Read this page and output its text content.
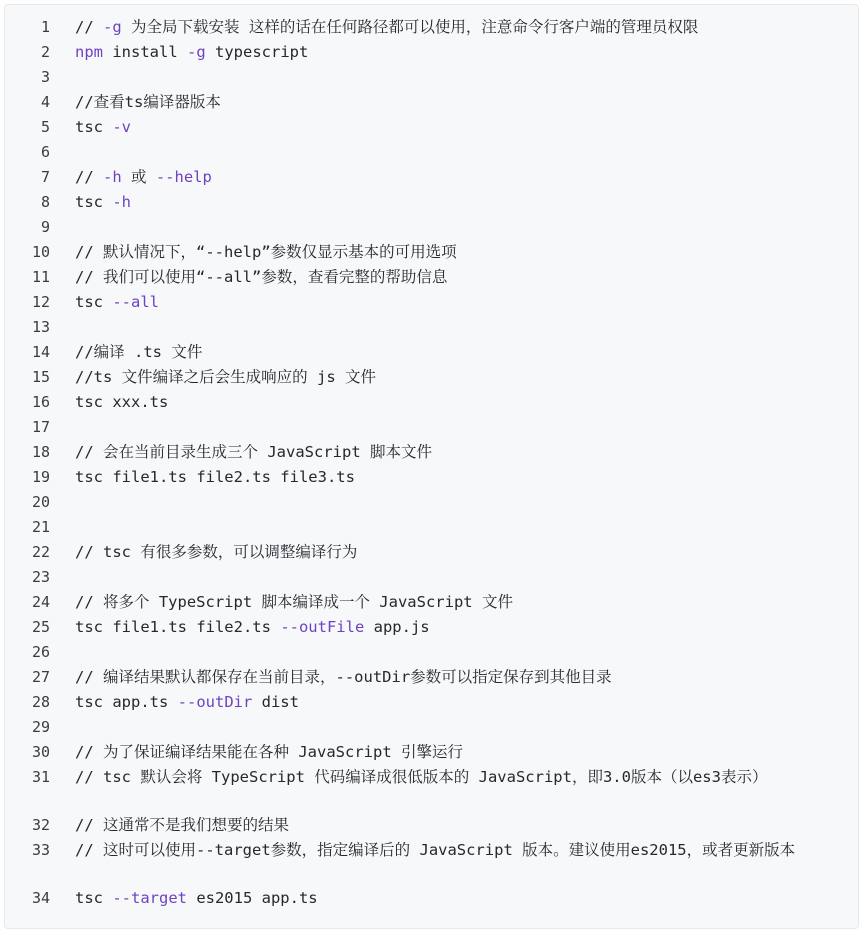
1 // -g 为全局下载安装 这样的话在任何路径都可以使用，注意命令行客户端的管理员权限
2 npm install -g typescript
3
4 //查看ts编译器版本
5 tsc -v
6
7 // -h 或 --help
8 tsc -h
9
10 // 默认情况下，“--help”参数仅显示基本的可用选项
11 // 我们可以使用“--all”参数，查看完整的帮助信息
12 tsc --all
13
14 //编译 .ts 文件
15 //ts 文件编译之后会生成响应的 js 文件
16 tsc xxx.ts
17
18 // 会在当前目录生成三个 JavaScript 脚本文件
19 tsc file1.ts file2.ts file3.ts
20
21
22 // tsc 有很多参数，可以调整编译行为
23
24 // 将多个 TypeScript 脚本编译成一个 JavaScript 文件
25 tsc file1.ts file2.ts --outFile app.js
26
27 // 编译结果默认都保存在当前目录，--outDir参数可以指定保存到其他目录
28 tsc app.ts --outDir dist
29
30 // 为了保证编译结果能在各种 JavaScript 引擎运行
31 // tsc 默认会将 TypeScript 代码编译成很低版本的 JavaScript，即3.0版本（以es3表示）
32 // 这通常不是我们想要的结果
33 // 这时可以使用--target参数，指定编译后的 JavaScript 版本。建议使用es2015，或者更新版本
34 tsc --target es2015 app.ts
